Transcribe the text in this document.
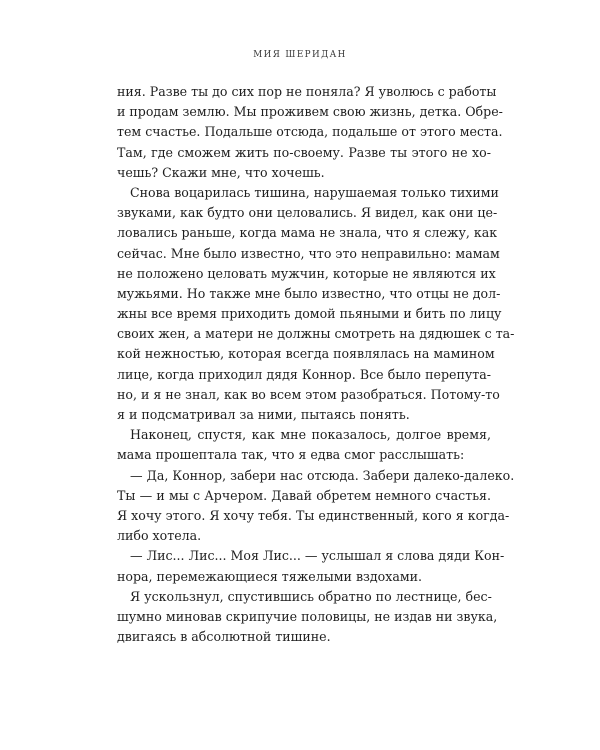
МИЯ ШЕРИДАН
ния. Разве ты до сих пор не поняла? Я уволюсь с работы
и продам землю. Мы проживем свою жизнь, детка. Обре-
тем счастье. Подальше отсюда, подальше от этого места.
Там, где сможем жить по-своему. Разве ты этого не хо-
чешь? Скажи мне, что хочешь.
Снова воцарилась тишина, нарушаемая только тихими
звуками, как будто они целовались. Я видел, как они це-
ловались раньше, когда мама не знала, что я слежу, как
сейчас. Мне было известно, что это неправильно: мамам
не положено целовать мужчин, которые не являются их
мужьями. Но также мне было известно, что отцы не дол-
жны все время приходить домой пьяными и бить по лицу
своих жен, а матери не должны смотреть на дядюшек с та-
кой нежностью, которая всегда появлялась на мамином
лице, когда приходил дядя Коннор. Все было перепута-
но, и я не знал, как во всем этом разобраться. Потому-то
я и подсматривал за ними, пытаясь понять.
Наконец, спустя, как мне показалось, долгое время,
мама прошептала так, что я едва смог расслышать:
— Да, Коннор, забери нас отсюда. Забери далеко-далеко.
Ты — и мы с Арчером. Давай обретем немного счастья.
Я хочу этого. Я хочу тебя. Ты единственный, кого я когда-
либо хотела.
— Лис... Лис... Моя Лис... — услышал я слова дяди Кон-
нора, перемежающиеся тяжелыми вздохами.
Я ускользнул, спустившись обратно по лестнице, бес-
шумно миновав скрипучие половицы, не издав ни звука,
двигаясь в абсолютной тишине.
